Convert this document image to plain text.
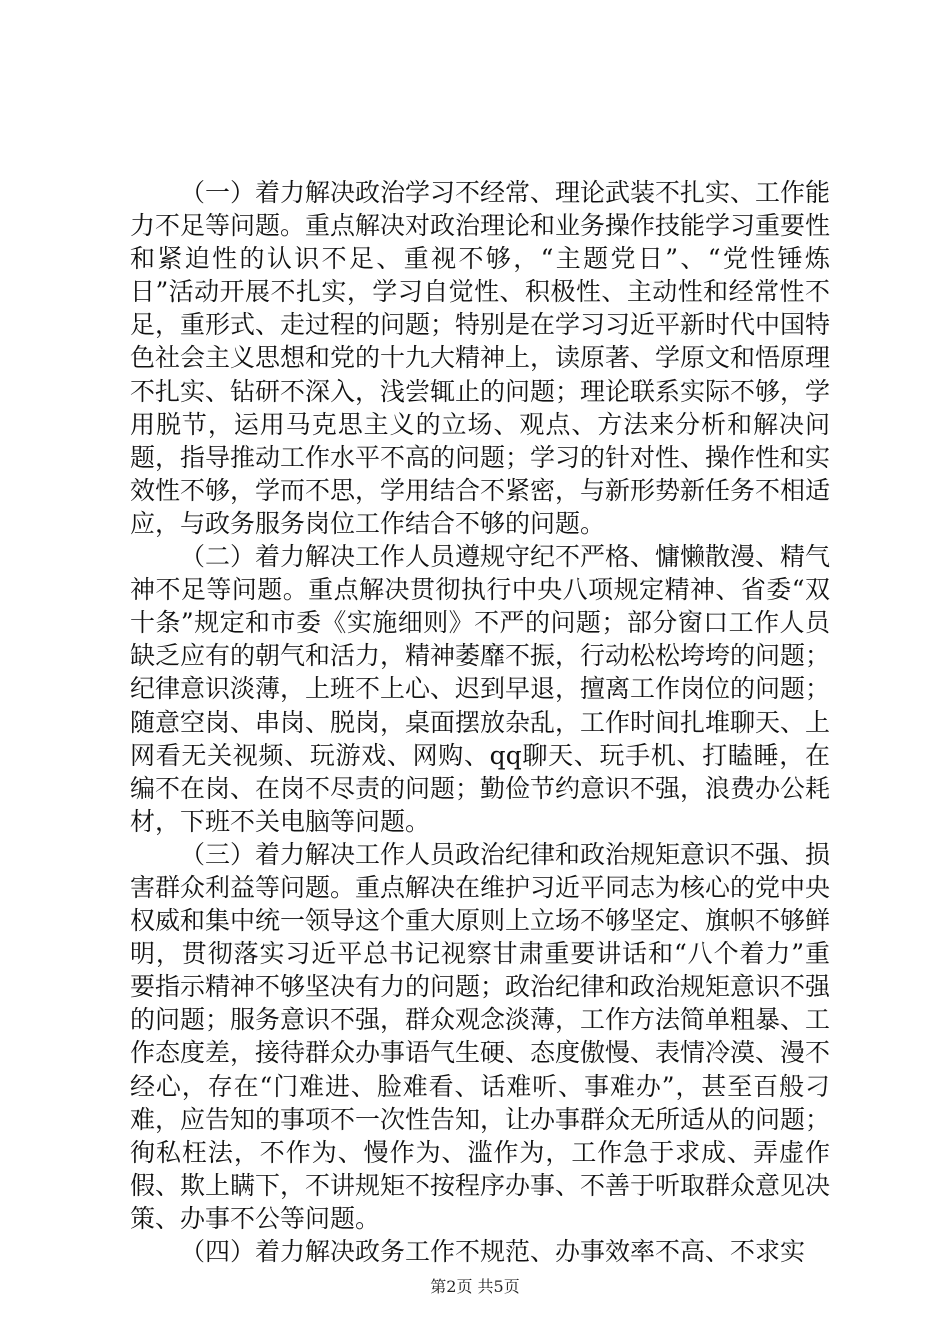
（一）着力解决政治学习不经常、理论武装不扎实、工作能力不足等问题。重点解决对政治理论和业务操作技能学习重要性和紧迫性的认识不足、重视不够，“主题党日”、“党性锤炼日”活动开展不扎实，学习自觉性、积极性、主动性和经常性不足，重形式、走过程的问题；特别是在学习习近平新时代中国特色社会主义思想和党的十九大精神上，读原著、学原文和悟原理不扎实、钻研不深入，浅尝辄止的问题；理论联系实际不够，学用脱节，运用马克思主义的立场、观点、方法来分析和解决问题，指导推动工作水平不高的问题；学习的针对性、操作性和实效性不够，学而不思，学用结合不紧密，与新形势新任务不相适应，与政务服务岗位工作结合不够的问题。

（二）着力解决工作人员遵规守纪不严格、慵懒散漫、精气神不足等问题。重点解决贯彻执行中央八项规定精神、省委“双十条”规定和市委《实施细则》不严的问题；部分窗口工作人员缺乏应有的朝气和活力，精神萎靡不振，行动松松垮垮的问题；纪律意识淡薄，上班不上心、迟到早退，擅离工作岗位的问题；随意空岗、串岗、脱岗，桌面摆放杂乱，工作时间扎堆聊天、上网看无关视频、玩游戏、网购、qq聊天、玩手机、打瞌睡，在编不在岗、在岗不尽责的问题；勤俭节约意识不强，浪费办公耗材，下班不关电脑等问题。

（三）着力解决工作人员政治纪律和政治规矩意识不强、损害群众利益等问题。重点解决在维护习近平同志为核心的党中央权威和集中统一领导这个重大原则上立场不够坚定、旗帜不够鲜明，贯彻落实习近平总书记视察甘肃重要讲话和“八个着力”重要指示精神不够坚决有力的问题；政治纪律和政治规矩意识不强的问题；服务意识不强，群众观念淡薄，工作方法简单粗暴、工作态度差，接待群众办事语气生硬、态度傲慢、表情冷漠、漫不经心，存在“门难进、脸难看、话难听、事难办”，甚至百般刁难，应告知的事项不一次性告知，让办事群众无所适从的问题；徇私枉法，不作为、慢作为、滥作为，工作急于求成、弄虚作假、欺上瞒下，不讲规矩不按程序办事、不善于听取群众意见决策、办事不公等问题。

（四）着力解决政务工作不规范、办事效率不高、不求实

第2页 共5页
